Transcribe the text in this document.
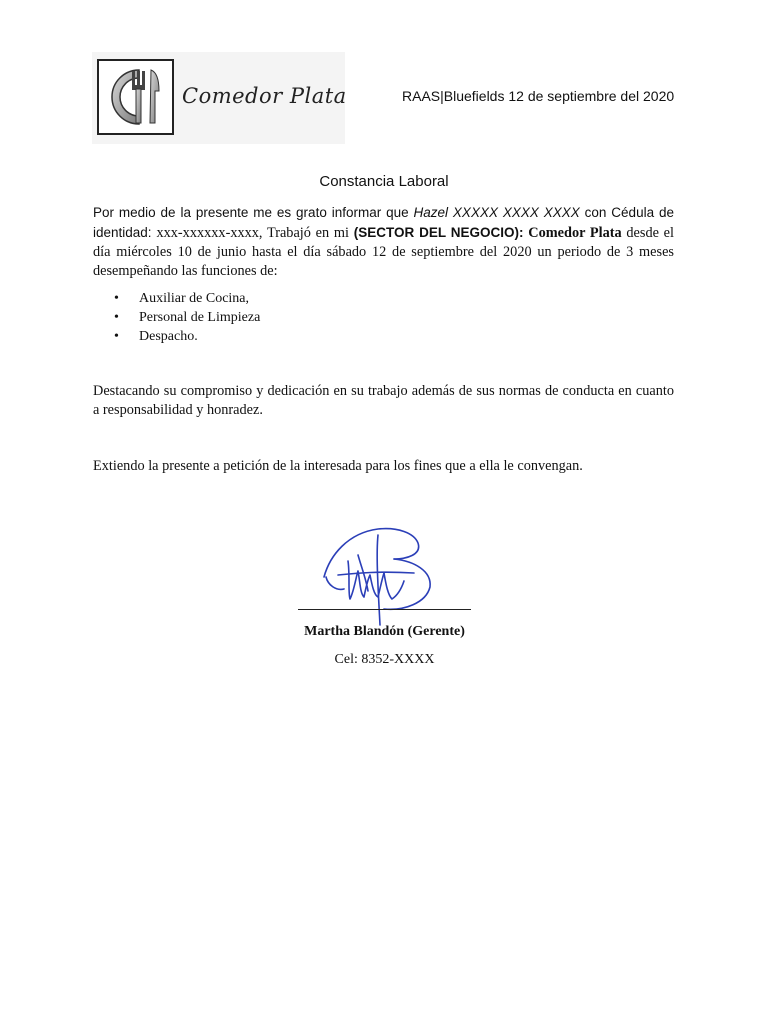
Comedor Plata	RAAS|Bluefields 12 de septiembre del 2020
Constancia Laboral

Por medio de la presente me es grato informar que Hazel XXXXX XXXX XXXX con Cédula de identidad: xxx-xxxxxx-xxxx, Trabajó en mi (SECTOR DEL NEGOCIO): Comedor Plata desde el día miércoles 10 de junio hasta el día sábado 12 de septiembre del 2020 un periodo de 3 meses desempeñando las funciones de:

• Auxiliar de Cocina,
• Personal de Limpieza
• Despacho.

Destacando su compromiso y dedicación en su trabajo además de sus normas de conducta en cuanto a responsabilidad y honradez.

Extiendo la presente a petición de la interesada para los fines que a ella le convengan.

Martha Blandón (Gerente)
Cel: 8352-XXXX
